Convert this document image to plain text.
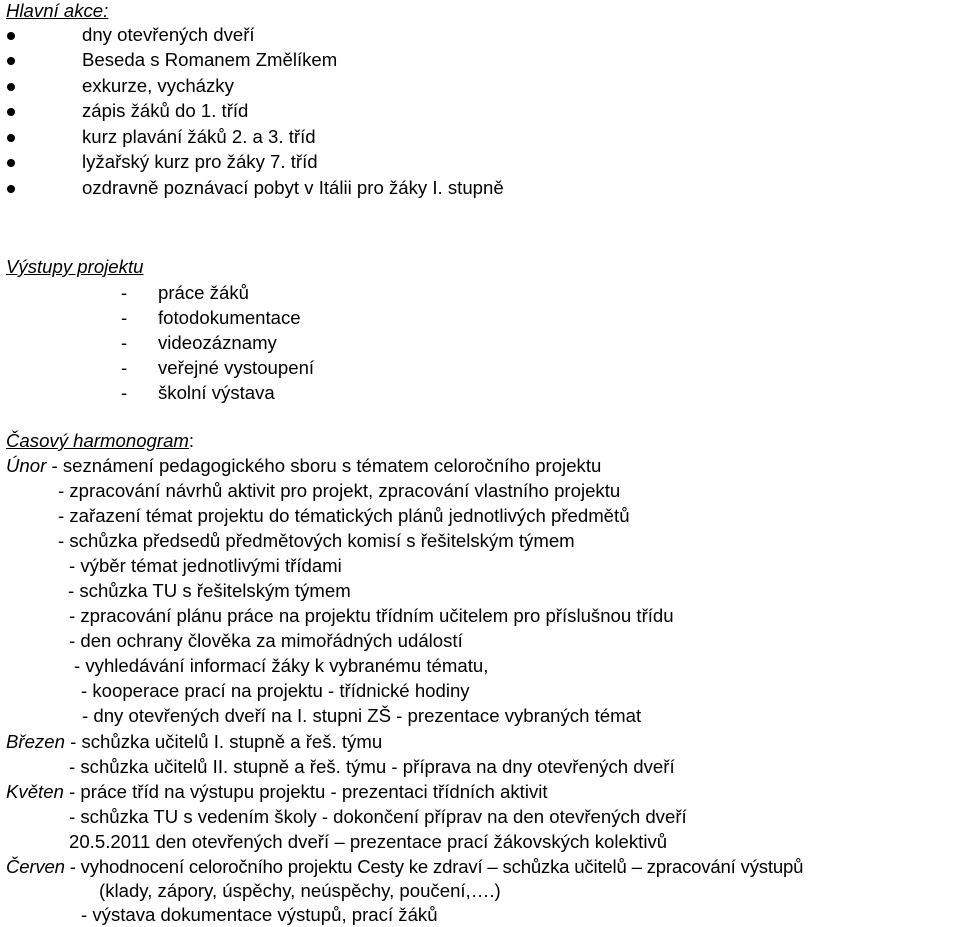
Hlavní akce:
dny otevřených dveří
Beseda s Romanem Změlíkem
exkurze, vycházky
zápis žáků do 1. tříd
kurz plavání žáků 2. a 3. tříd
lyžařský kurz pro žáky 7. tříd
ozdravně poznávací pobyt v Itálii pro žáky I. stupně
Výstupy projektu
- práce žáků
- fotodokumentace
- videozáznamy
- veřejné vystoupení
- školní výstava
Časový harmonogram:
Únor - seznámení pedagogického sboru s tématem celoročního projektu
- zpracování návrhů aktivit pro projekt, zpracování vlastního projektu
- zařazení témat projektu do tématických plánů jednotlivých předmětů
- schůzka předsedů předmětových komisí s řešitelským týmem
- výběr témat jednotlivými třídami
- schůzka TU s řešitelským týmem
- zpracování plánu práce na projektu třídním učitelem pro příslušnou třídu
- den ochrany člověka za mimořádných událostí
- vyhledávání informací žáky k vybranému tématu,
- kooperace prací na projektu - třídnické hodiny
- dny otevřených dveří na I. stupni ZŠ - prezentace vybraných témat
Březen - schůzka učitelů I. stupně a řeš. týmu
- schůzka učitelů II. stupně a řeš. týmu - příprava na dny otevřených dveří
Květen - práce tříd na výstupu projektu - prezentaci třídních aktivit
- schůzka TU s vedením školy - dokončení příprav na den otevřených dveří
20.5.2011 den otevřených dveří – prezentace prací žákovských kolektivů
Červen - vyhodnocení celoročního projektu Cesty ke zdraví – schůzka učitelů – zpracování výstupů
(klady, zápory, úspěchy, neúspěchy, poučení,….)
- výstava dokumentace výstupů, prací žáků
